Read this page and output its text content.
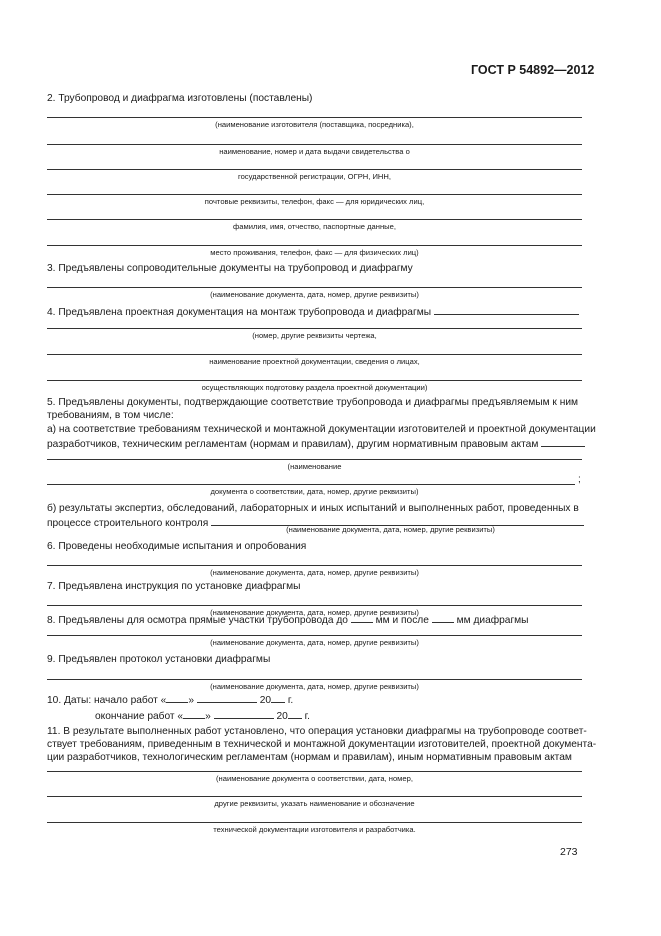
ГОСТ Р 54892—2012
2. Трубопровод и диафрагма изготовлены (поставлены)
(наименование изготовителя (поставщика, посредника),
наименование, номер и дата выдачи свидетельства о
государственной регистрации, ОГРН, ИНН,
почтовые реквизиты, телефон, факс — для юридических лиц,
фамилия, имя, отчество, паспортные данные,
место проживания, телефон, факс — для физических лиц)
3. Предъявлены сопроводительные документы на трубопровод и диафрагму
(наименование документа, дата, номер, другие реквизиты)
4. Предъявлена проектная документация на монтаж трубопровода и диафрагмы
(номер, другие реквизиты чертежа,
наименование проектной документации, сведения о лицах,
осуществляющих подготовку раздела проектной документации)
5. Предъявлены документы, подтверждающие соответствие трубопровода и диафрагмы предъявляемым к ним
требованиям, в том числе:
а) на соответствие требованиям технической и монтажной документации изготовителей и проектной документации
разработчиков, техническим регламентам (нормам и правилам), другим нормативным правовым актам
(наименование
;
документа о соответствии, дата, номер, другие реквизиты)
б) результаты экспертиз, обследований, лабораторных и иных испытаний и выполненных работ, проведенных в
процессе строительного контроля
(наименование документа, дата, номер, другие реквизиты)
6. Проведены необходимые испытания и опробования
(наименование документа, дата, номер, другие реквизиты)
7. Предъявлена инструкция по установке диафрагмы
(наименование документа, дата, номер, другие реквизиты)
8. Предъявлены для осмотра прямые участки трубопровода до	мм и после	мм диафрагмы
(наименование документа, дата, номер, другие реквизиты)
9. Предъявлен протокол установки диафрагмы
(наименование документа, дата, номер, другие реквизиты)
10. Даты: начало работ « »	20 г.
окончание работ « »	20 г.
11. В результате выполненных работ установлено, что операция установки диафрагмы на трубопроводе соответ-
ствует требованиям, приведенным в технической и монтажной документации изготовителей, проектной документа-
ции разработчиков, технологическим регламентам (нормам и правилам), иным нормативным правовым актам
(наименование документа о соответствии, дата, номер,
другие реквизиты, указать наименование и обозначение
технической документации изготовителя и разработчика.
273
